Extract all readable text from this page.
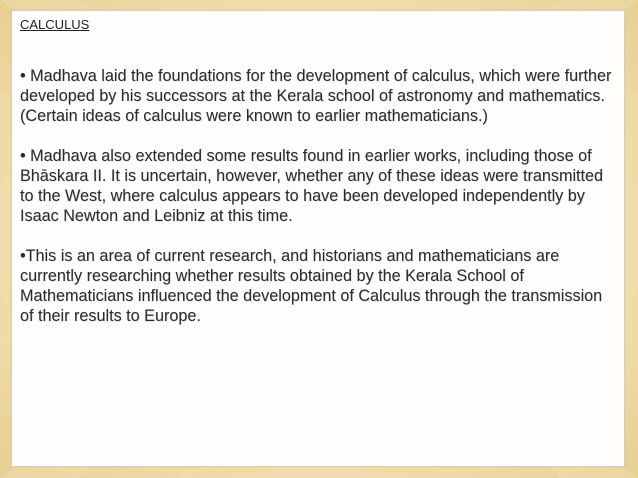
CALCULUS

• Madhava laid the foundations for the development of calculus, which were further developed by his successors at the Kerala school of astronomy and mathematics. (Certain ideas of calculus were known to earlier mathematicians.)

• Madhava also extended some results found in earlier works, including those of Bhāskara II. It is uncertain, however, whether any of these ideas were transmitted to the West, where calculus appears to have been developed independently by Isaac Newton and Leibniz at this time.

•This is an area of current research, and historians and mathematicians are currently researching whether results obtained by the Kerala School of Mathematicians influenced the development of Calculus through the transmission of their results to Europe.
